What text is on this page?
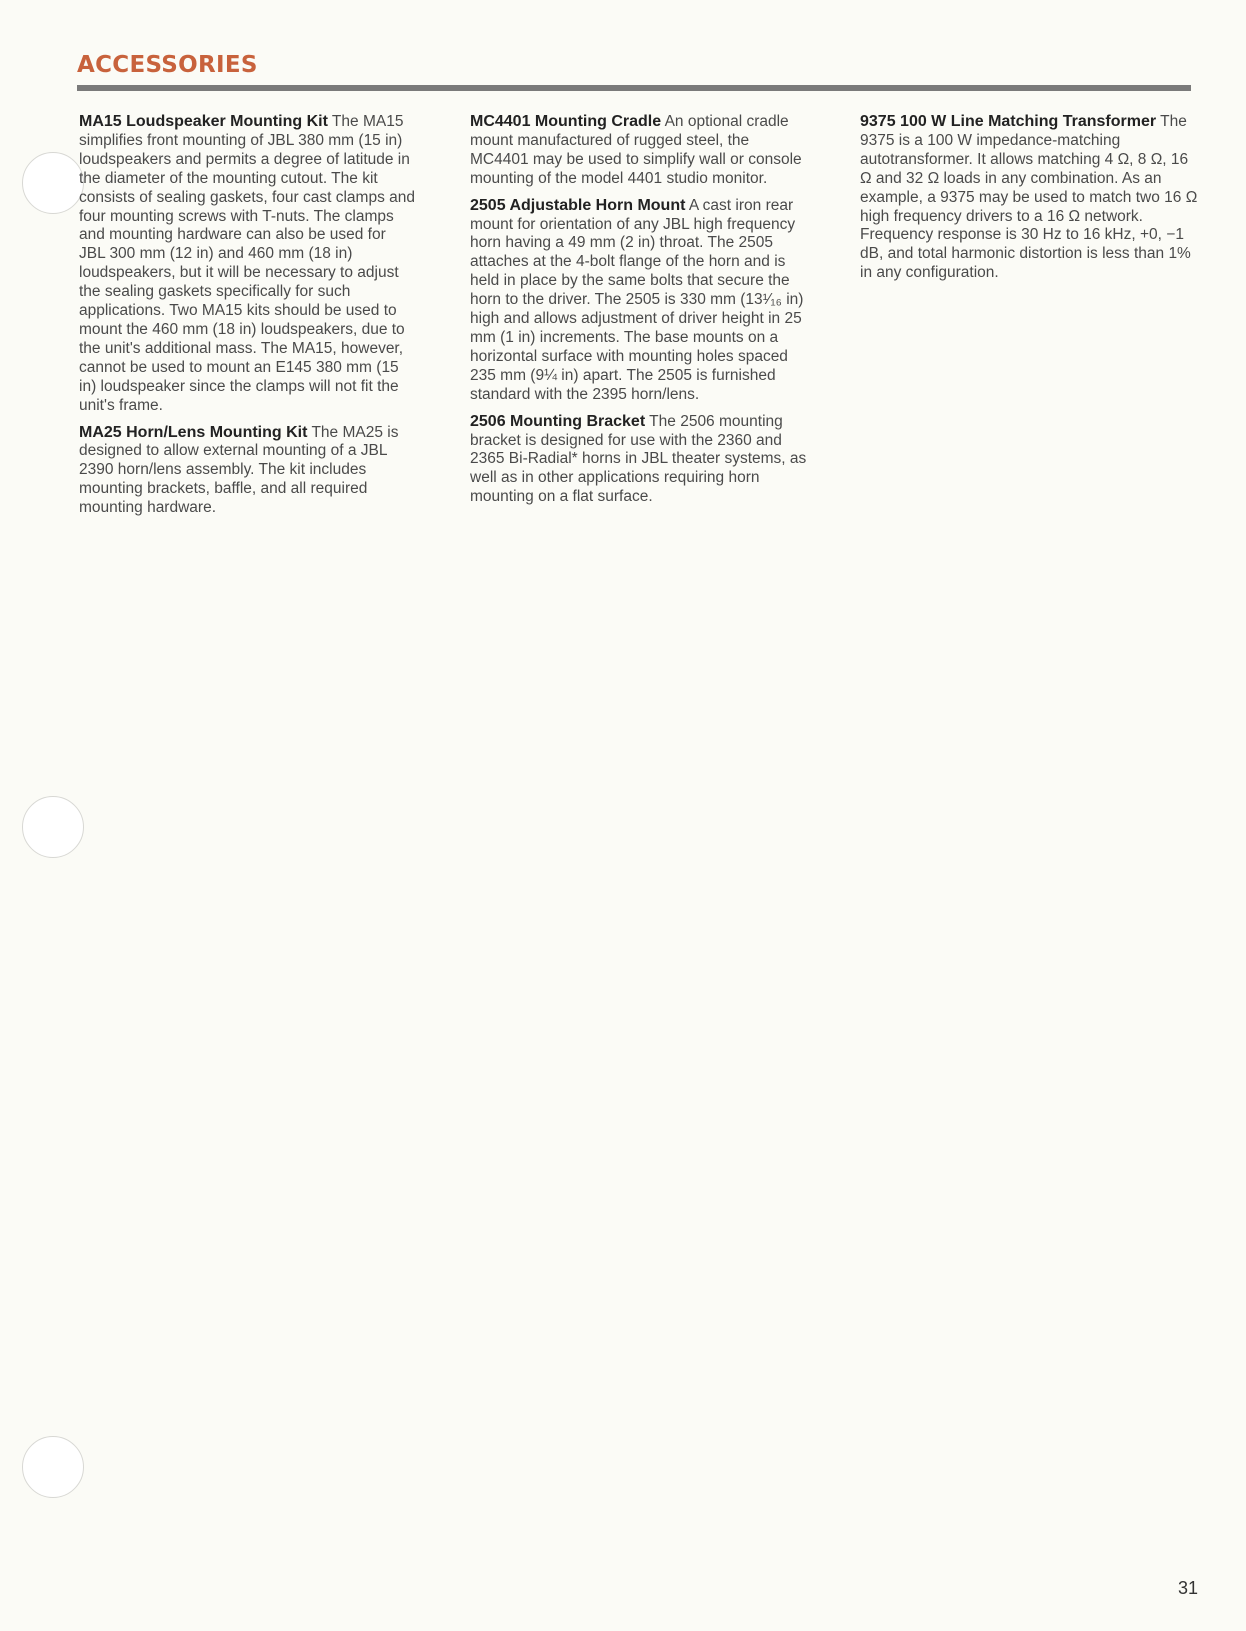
ACCESSORIES

MA15 Loudspeaker Mounting Kit The MA15 simplifies front mounting of JBL 380 mm (15 in) loudspeakers and permits a degree of latitude in the diameter of the mounting cutout. The kit consists of sealing gaskets, four cast clamps and four mounting screws with T-nuts. The clamps and mounting hardware can also be used for JBL 300 mm (12 in) and 460 mm (18 in) loudspeakers, but it will be necessary to adjust the sealing gaskets specifically for such applications. Two MA15 kits should be used to mount the 460 mm (18 in) loudspeakers, due to the unit's additional mass. The MA15, however, cannot be used to mount an E145 380 mm (15 in) loudspeaker since the clamps will not fit the unit's frame.

MA25 Horn/Lens Mounting Kit The MA25 is designed to allow external mounting of a JBL 2390 horn/lens assembly. The kit includes mounting brackets, baffle, and all required mounting hardware.

MC4401 Mounting Cradle An optional cradle mount manufactured of rugged steel, the MC4401 may be used to simplify wall or console mounting of the model 4401 studio monitor.

2505 Adjustable Horn Mount A cast iron rear mount for orientation of any JBL high frequency horn having a 49 mm (2 in) throat. The 2505 attaches at the 4-bolt flange of the horn and is held in place by the same bolts that secure the horn to the driver. The 2505 is 330 mm (13¹⁄₁₆ in) high and allows adjustment of driver height in 25 mm (1 in) increments. The base mounts on a horizontal surface with mounting holes spaced 235 mm (9¼ in) apart. The 2505 is furnished standard with the 2395 horn/lens.

2506 Mounting Bracket The 2506 mounting bracket is designed for use with the 2360 and 2365 Bi-Radial* horns in JBL theater systems, as well as in other applications requiring horn mounting on a flat surface.

9375 100 W Line Matching Transformer The 9375 is a 100 W impedance-matching autotransformer. It allows matching 4 Ω, 8 Ω, 16 Ω and 32 Ω loads in any combination. As an example, a 9375 may be used to match two 16 Ω high frequency drivers to a 16 Ω network. Frequency response is 30 Hz to 16 kHz, +0, −1 dB, and total harmonic distortion is less than 1% in any configuration.

31
